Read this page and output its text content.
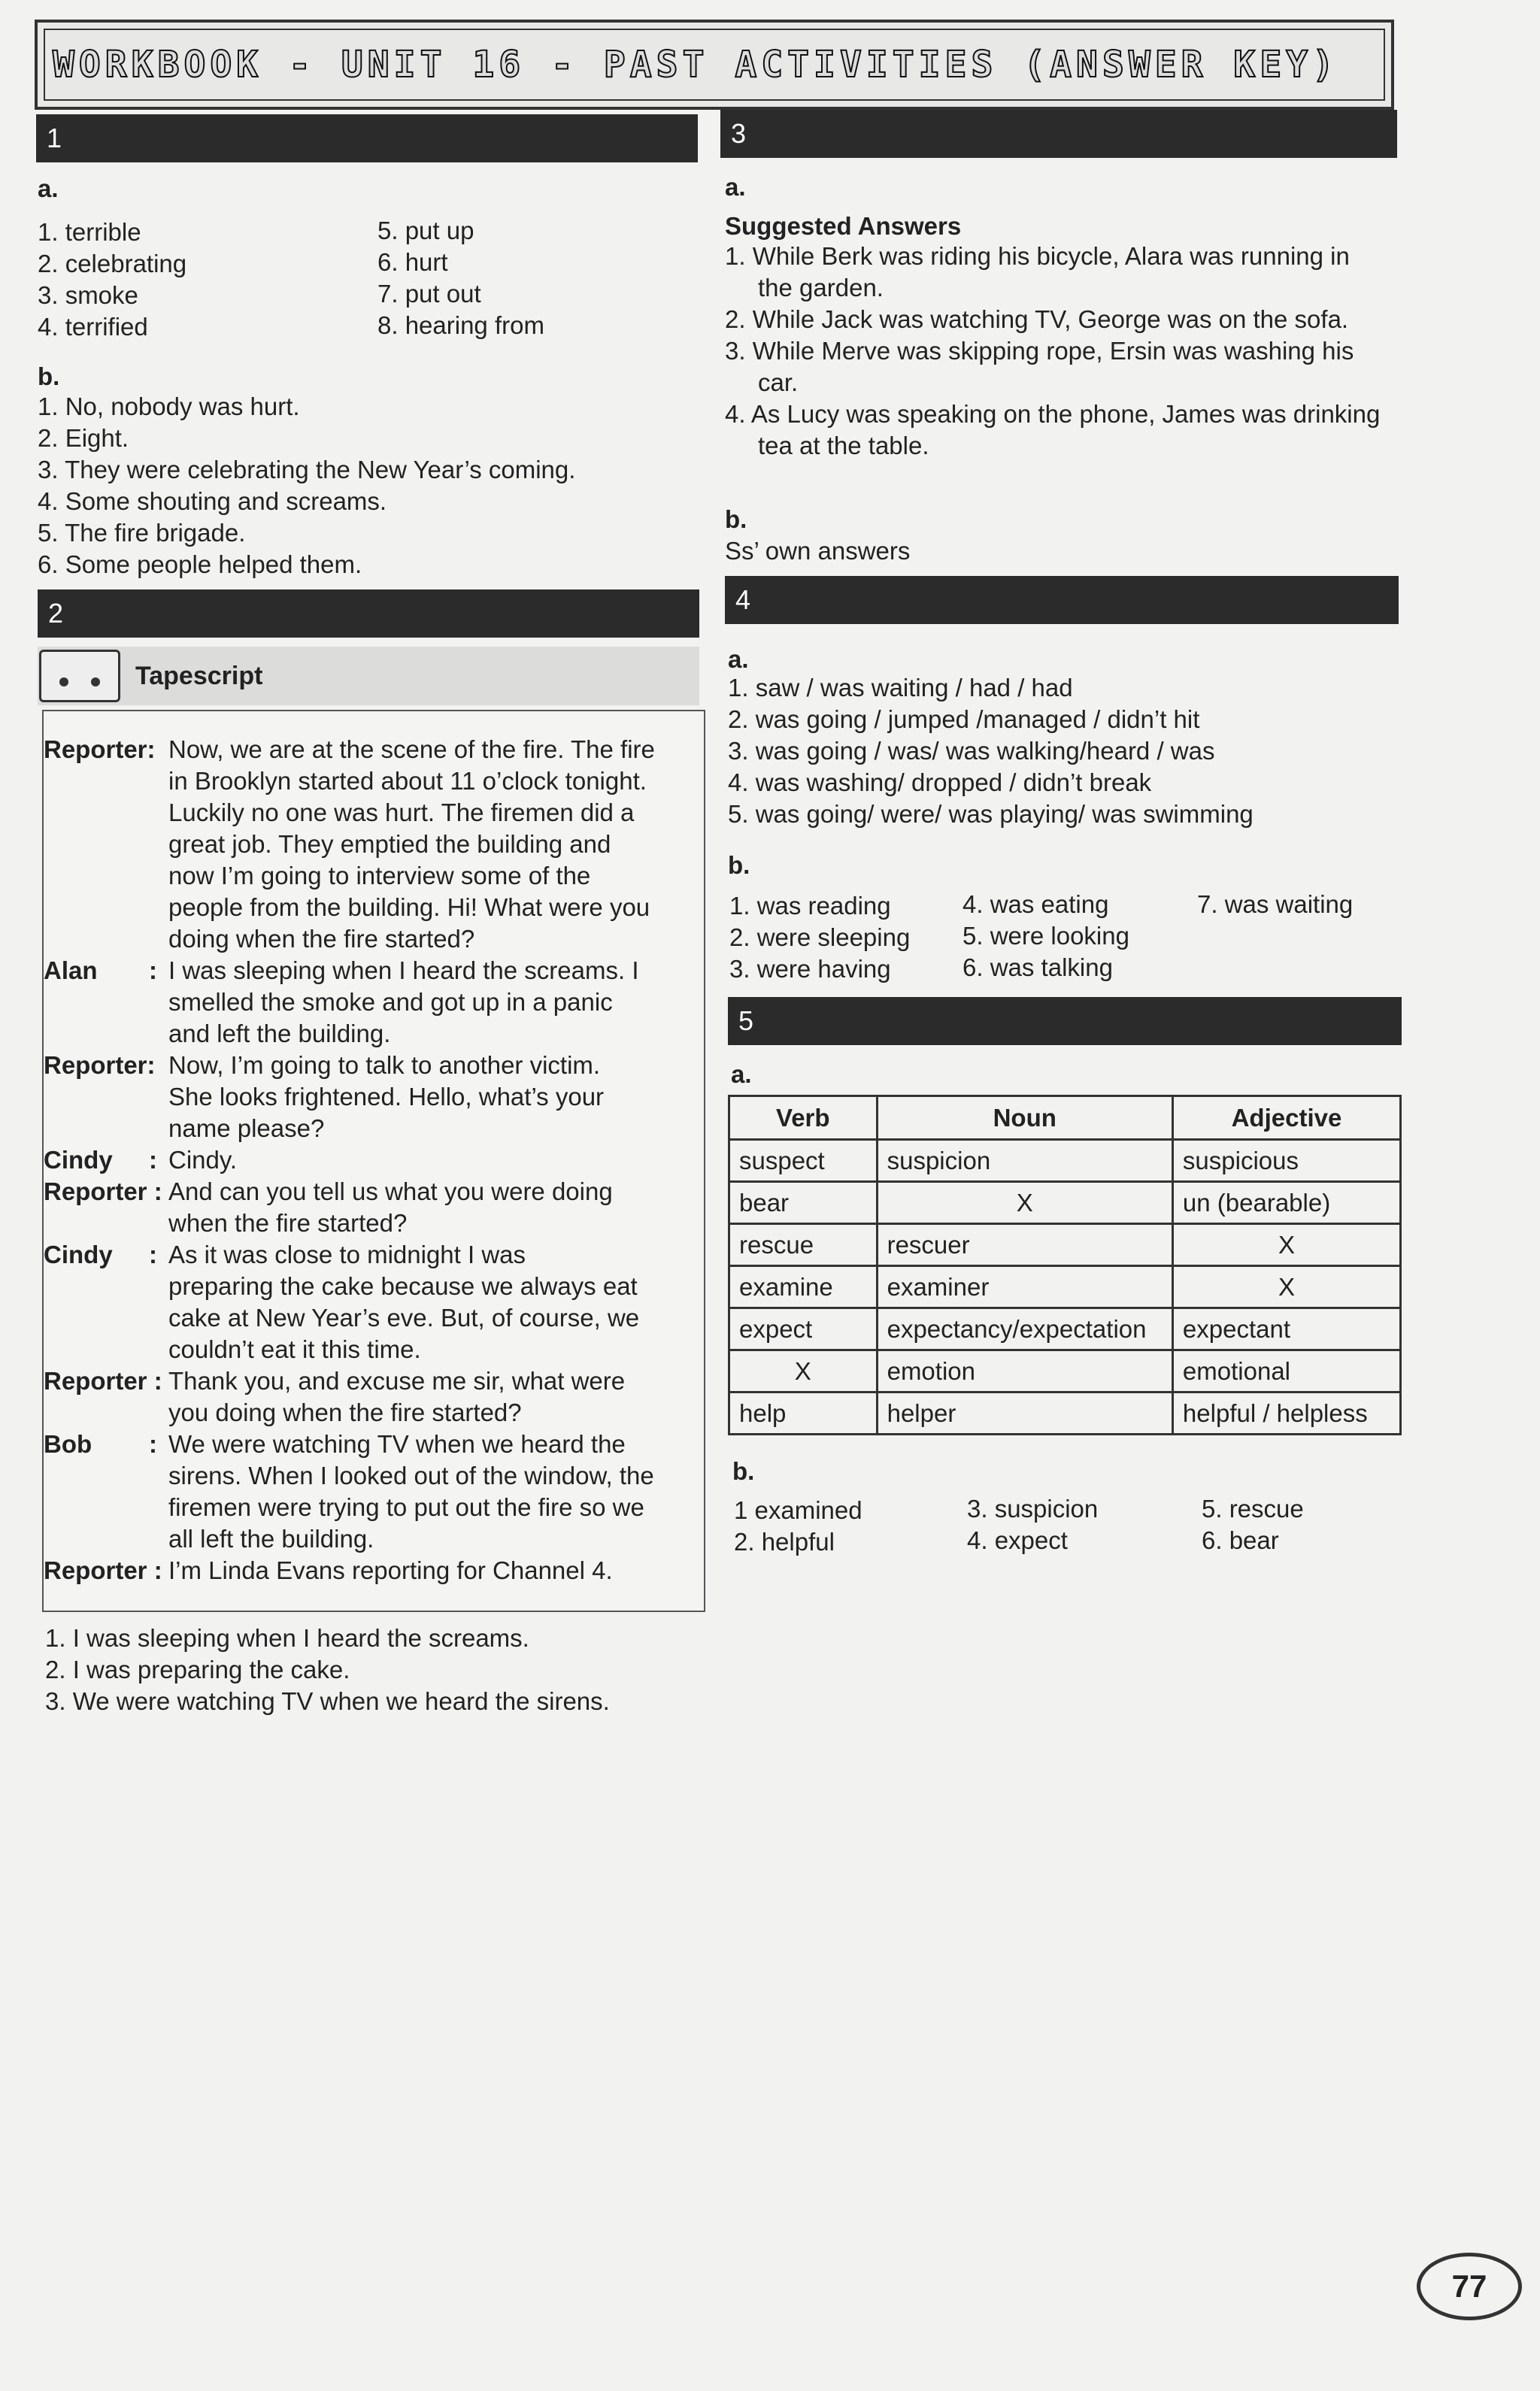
WORKBOOK - UNIT 16 - PAST ACTIVITIES (ANSWER KEY)
1
a.
1. terrible
2. celebrating
3. smoke
4. terrified
5. put up
6. hurt
7. put out
8. hearing from
b.
1. No, nobody was hurt.
2. Eight.
3. They were celebrating the New Year’s coming.
4. Some shouting and screams.
5. The fire brigade.
6. Some people helped them.
2
Tapescript
Reporter: Now, we are at the scene of the fire. The fire
in Brooklyn started about 11 o’clock tonight.
Luckily no one was hurt. The firemen did a
great job. They emptied the building and
now I’m going to interview some of the
people from the building. Hi! What were you
doing when the fire started?
Alan : I was sleeping when I heard the screams. I
smelled the smoke and got up in a panic
and left the building.
Reporter: Now, I’m going to talk to another victim.
She looks frightened. Hello, what’s your
name please?
Cindy : Cindy.
Reporter : And can you tell us what you were doing
when the fire started?
Cindy : As it was close to midnight I was
preparing the cake because we always eat
cake at New Year’s eve. But, of course, we
couldn’t eat it this time.
Reporter : Thank you, and excuse me sir, what were
you doing when the fire started?
Bob : We were watching TV when we heard the
sirens. When I looked out of the window, the
firemen were trying to put out the fire so we
all left the building.
Reporter : I’m Linda Evans reporting for Channel 4.
1. I was sleeping when I heard the screams.
2. I was preparing the cake.
3. We were watching TV when we heard the sirens.
3
a.
Suggested Answers
1. While Berk was riding his bicycle, Alara was running in the garden.
2. While Jack was watching TV, George was on the sofa.
3. While Merve was skipping rope, Ersin was washing his car.
4. As Lucy was speaking on the phone, James was drinking tea at the table.
b.
Ss’ own answers
4
a.
1. saw / was waiting / had / had
2. was going / jumped /managed / didn’t hit
3. was going / was/ was walking/heard / was
4. was washing/ dropped / didn’t break
5. was going/ were/ was playing/ was swimming
b.
1. was reading
2. were sleeping
3. were having
4. was eating
5. were looking
6. was talking
7. was waiting
5
a.
Verb	Noun	Adjective
suspect	suspicion	suspicious
bear	X	un (bearable)
rescue	rescuer	X
examine	examiner	X
expect	expectancy/expectation	expectant
X	emotion	emotional
help	helper	helpful / helpless
b.
1 examined
2. helpful
3. suspicion
4. expect
5. rescue
6. bear
77
